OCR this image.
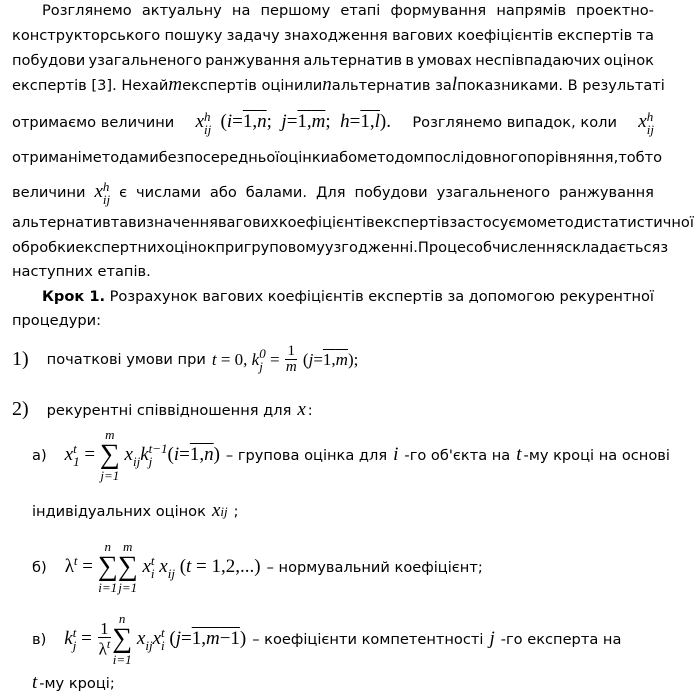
Розглянемо актуальну на першому етапі формування напрямів проектно-
конструкторського пошуку задачу знаходження вагових коефіцієнтів експертів та
побудови узагальненого ранжування альтернатив в умовах неспівпадаючих оцінок
експертів [3]. Нехай m експертів оцінили n альтернатив за l показниками. В результаті
отримаємо величини x h
ij (i=1,n;  j=1,m;  h=1,l). Розглянемо випадок, коли x h
ij
отримані методами безпосередньої оцінки або методом послідовного порівняння, тобто
величини x h
ij є числами або балами. Для побудови узагальненого ранжування
альтернатив та визначення вагових коефіцієнтів експертів застосуємо методи статистичної
обробки експертних оцінок при груповому узгодженні. Процес обчислення складається з
наступних етапів.
Крок 1. Розрахунок вагових коефіцієнтів експертів за допомогою рекурентної
процедури:
1) початкові умови при t = 0, k 0
$j = \frac{1}{m}$ ( j = 1,m );
2) рекурентні співвідношення для x :
а) x t
1 =
m
∑
j=1
x
ij k t−1
j ( i = 1,n ) – групова оцінка для i -го об'єкта на t -му кроці на основі
індивідуальних оцінок xij ;
б) λ t
=
n
∑
i=1
m
∑
j=1
x t
i x
ij ( t = 1,2,...) – нормувальний коефіцієнт;
в) k t
$j = \frac{1}{\lambda^t}$
n
∑
i=1
x
ij x t
i ( j = 1,m−1 ) – коефіцієнти компетентності j -го експерта на
t -му кроці;
